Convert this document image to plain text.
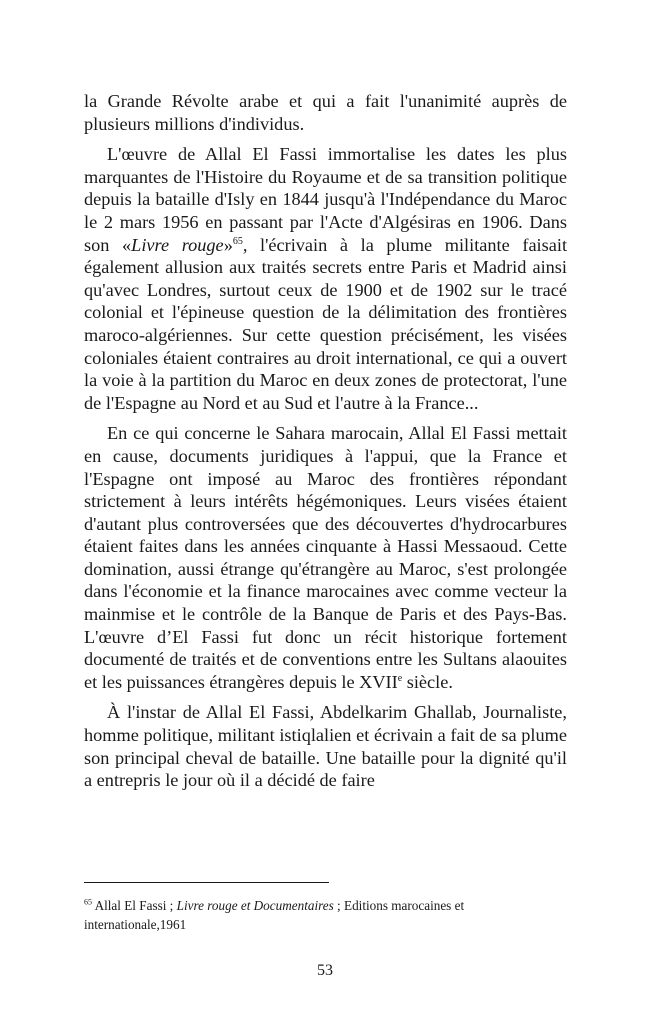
la Grande Révolte arabe et qui a fait l'unanimité auprès de plusieurs millions d'individus.

L'œuvre de Allal El Fassi immortalise les dates les plus marquantes de l'Histoire du Royaume et de sa transition politique depuis la bataille d'Isly en 1844 jusqu'à l'Indépendance du Maroc le 2 mars 1956 en passant par l'Acte d'Algésiras en 1906. Dans son «Livre rouge»$^{65}$, l'écrivain à la plume militante faisait également allusion aux traités secrets entre Paris et Madrid ainsi qu'avec Londres, surtout ceux de 1900 et de 1902 sur le tracé colonial et l'épineuse question de la délimitation des frontières maroco-algériennes. Sur cette question précisément, les visées coloniales étaient contraires au droit international, ce qui a ouvert la voie à la partition du Maroc en deux zones de protectorat, l'une de l'Espagne au Nord et au Sud et l'autre à la France...

En ce qui concerne le Sahara marocain, Allal El Fassi mettait en cause, documents juridiques à l'appui, que la France et l'Espagne ont imposé au Maroc des frontières répondant strictement à leurs intérêts hégémoniques. Leurs visées étaient d'autant plus controversées que des découvertes d'hydrocarbures étaient faites dans les années cinquante à Hassi Messaoud. Cette domination, aussi étrange qu'étrangère au Maroc, s'est prolongée dans l'économie et la finance marocaines avec comme vecteur la mainmise et le contrôle de la Banque de Paris et des Pays-Bas. L'œuvre d’El Fassi fut donc un récit historique fortement documenté de traités et de conventions entre les Sultans alaouites et les puissances étrangères depuis le XVIIe siècle.

À l'instar de Allal El Fassi, Abdelkarim Ghallab, Journaliste, homme politique, militant istiqlalien et écrivain a fait de sa plume son principal cheval de bataille. Une bataille pour la dignité qu'il a entrepris le jour où il a décidé de faire

$^{65}$ Allal El Fassi ; Livre rouge et Documentaires ; Editions marocaines et internationale,1961

53
